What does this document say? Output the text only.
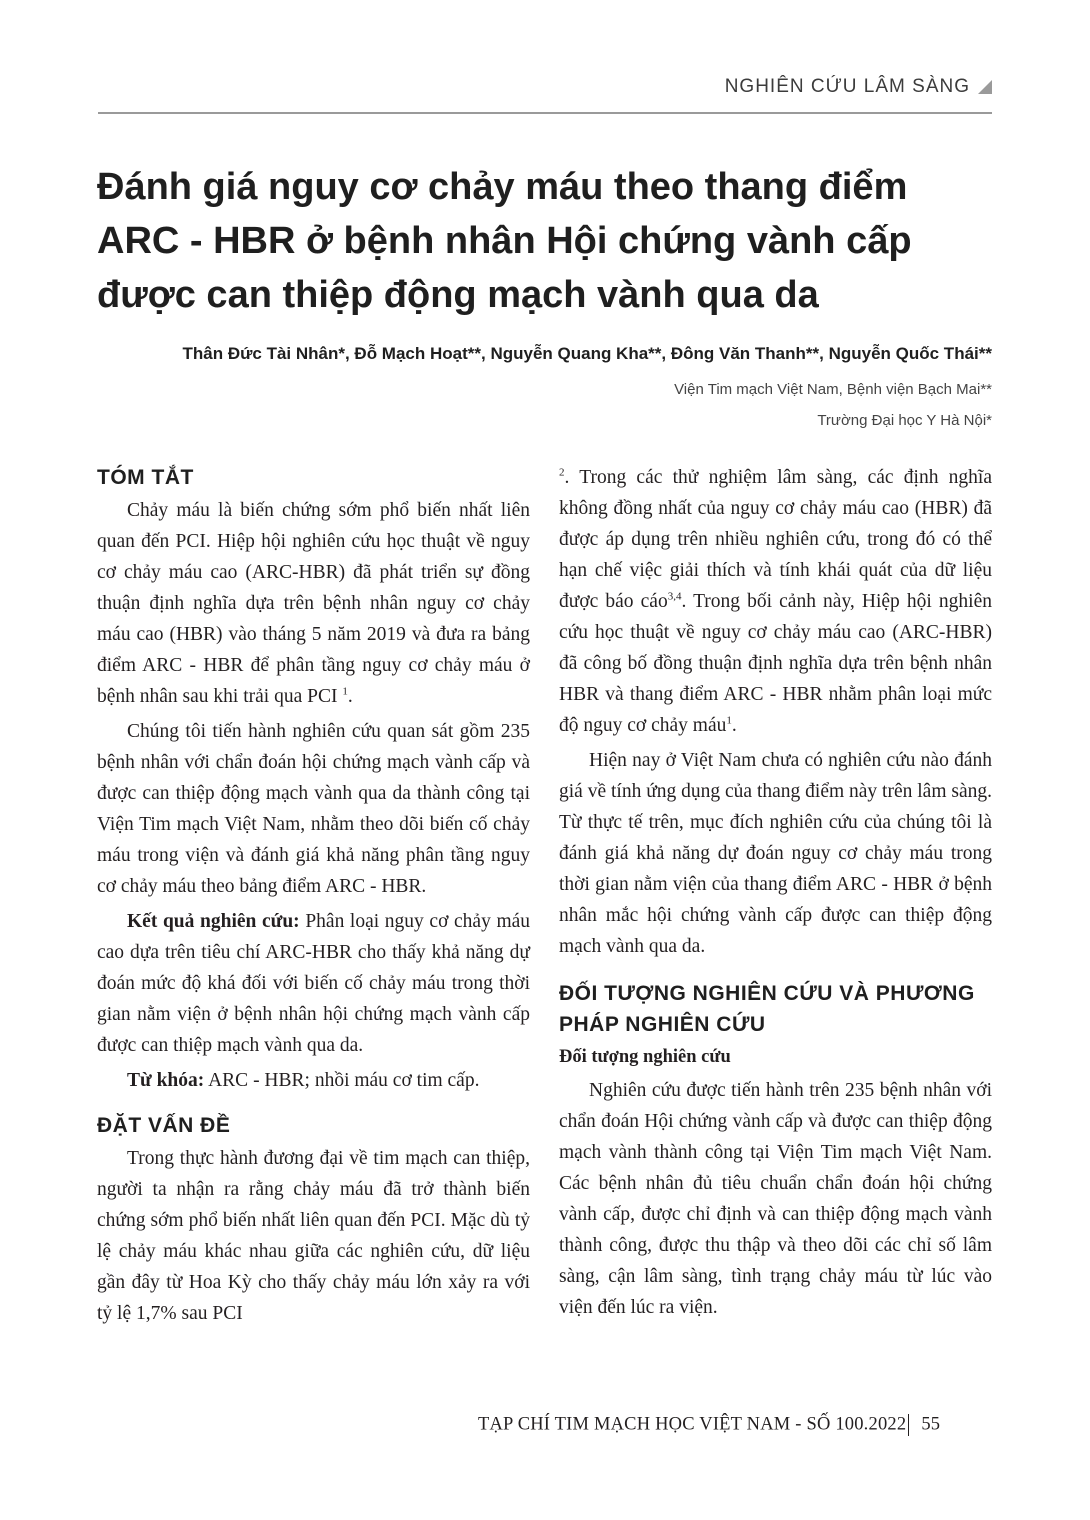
NGHIÊN CỨU LÂM SÀNG
Đánh giá nguy cơ chảy máu theo thang điểm ARC - HBR ở bệnh nhân Hội chứng vành cấp được can thiệp động mạch vành qua da
Thân Đức Tài Nhân*, Đỗ Mạch Hoạt**, Nguyễn Quang Kha**, Đông Văn Thanh**, Nguyễn Quốc Thái**
Viện Tim mạch Việt Nam, Bệnh viện Bạch Mai**
Trường Đại học Y Hà Nội*
TÓM TẮT

Chảy máu là biến chứng sớm phổ biến nhất liên quan đến PCI. Hiệp hội nghiên cứu học thuật về nguy cơ chảy máu cao (ARC-HBR) đã phát triển sự đồng thuận định nghĩa dựa trên bệnh nhân nguy cơ chảy máu cao (HBR) vào tháng 5 năm 2019 và đưa ra bảng điểm ARC - HBR để phân tầng nguy cơ chảy máu ở bệnh nhân sau khi trải qua PCI $^1$.

Chúng tôi tiến hành nghiên cứu quan sát gồm 235 bệnh nhân với chẩn đoán hội chứng mạch vành cấp và được can thiệp động mạch vành qua da thành công tại Viện Tim mạch Việt Nam, nhằm theo dõi biến cố chảy máu trong viện và đánh giá khả năng phân tầng nguy cơ chảy máu theo bảng điểm ARC - HBR.

Kết quả nghiên cứu: Phân loại nguy cơ chảy máu cao dựa trên tiêu chí ARC-HBR cho thấy khả năng dự đoán mức độ khá đối với biến cố chảy máu trong thời gian nằm viện ở bệnh nhân hội chứng mạch vành cấp được can thiệp mạch vành qua da.

Từ khóa: ARC - HBR; nhồi máu cơ tim cấp.

ĐẶT VẤN ĐỀ

Trong thực hành đương đại về tim mạch can thiệp, người ta nhận ra rằng chảy máu đã trở thành biến chứng sớm phổ biến nhất liên quan đến PCI. Mặc dù tỷ lệ chảy máu khác nhau giữa các nghiên cứu, dữ liệu gần đây từ Hoa Kỳ cho thấy chảy máu lớn xảy ra với tỷ lệ 1,7% sau PCI

$^2$. Trong các thử nghiệm lâm sàng, các định nghĩa không đồng nhất của nguy cơ chảy máu cao (HBR) đã được áp dụng trên nhiều nghiên cứu, trong đó có thể hạn chế việc giải thích và tính khái quát của dữ liệu được báo cáo$^{3,4}$. Trong bối cảnh này, Hiệp hội nghiên cứu học thuật về nguy cơ chảy máu cao (ARC-HBR) đã công bố đồng thuận định nghĩa dựa trên bệnh nhân HBR và thang điểm ARC - HBR nhằm phân loại mức độ nguy cơ chảy máu$^1$.

Hiện nay ở Việt Nam chưa có nghiên cứu nào đánh giá về tính ứng dụng của thang điểm này trên lâm sàng. Từ thực tế trên, mục đích nghiên cứu của chúng tôi là đánh giá khả năng dự đoán nguy cơ chảy máu trong thời gian nằm viện của thang điểm ARC - HBR ở bệnh nhân mắc hội chứng vành cấp được can thiệp động mạch vành qua da.

ĐỐI TƯỢNG NGHIÊN CỨU VÀ PHƯƠNG PHÁP NGHIÊN CỨU
Đối tượng nghiên cứu

Nghiên cứu được tiến hành trên 235 bệnh nhân với chẩn đoán Hội chứng vành cấp và được can thiệp động mạch vành thành công tại Viện Tim mạch Việt Nam. Các bệnh nhân đủ tiêu chuẩn chẩn đoán hội chứng vành cấp, được chỉ định và can thiệp động mạch vành thành công, được thu thập và theo dõi các chỉ số lâm sàng, cận lâm sàng, tình trạng chảy máu từ lúc vào viện đến lúc ra viện.

TẠP CHÍ TIM MẠCH HỌC VIỆT NAM - SỐ 100.2022 55
